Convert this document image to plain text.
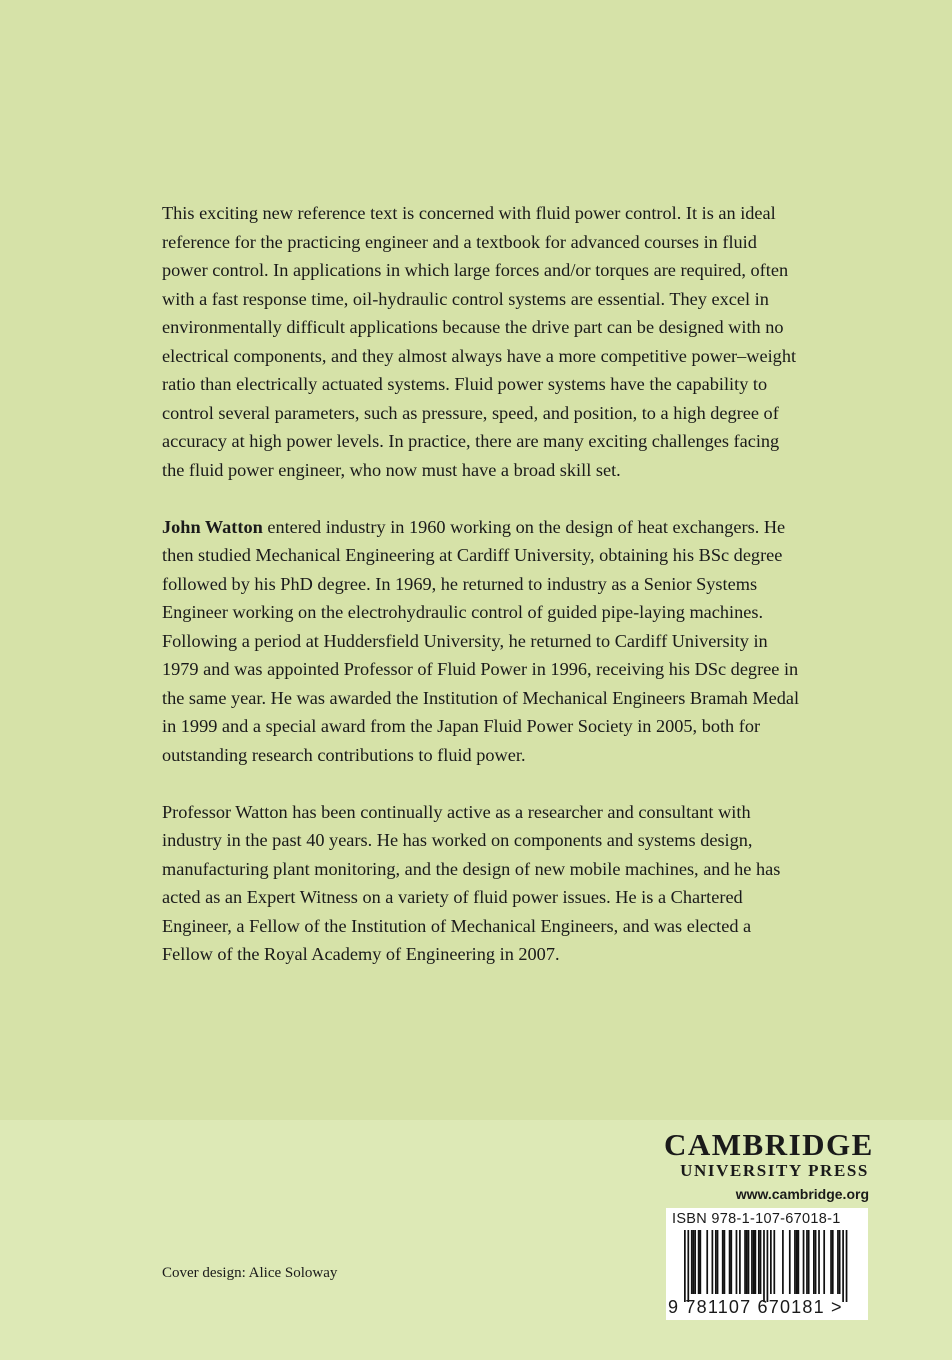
This exciting new reference text is concerned with fluid power control. It is an ideal reference for the practicing engineer and a textbook for advanced courses in fluid power control. In applications in which large forces and/or torques are required, often with a fast response time, oil-hydraulic control systems are essential. They excel in environmentally difficult applications because the drive part can be designed with no electrical components, and they almost always have a more competitive power–weight ratio than electrically actuated systems. Fluid power systems have the capability to control several parameters, such as pressure, speed, and position, to a high degree of accuracy at high power levels. In practice, there are many exciting challenges facing the fluid power engineer, who now must have a broad skill set.

John Watton entered industry in 1960 working on the design of heat exchangers. He then studied Mechanical Engineering at Cardiff University, obtaining his BSc degree followed by his PhD degree. In 1969, he returned to industry as a Senior Systems Engineer working on the electrohydraulic control of guided pipe-laying machines. Following a period at Huddersfield University, he returned to Cardiff University in 1979 and was appointed Professor of Fluid Power in 1996, receiving his DSc degree in the same year. He was awarded the Institution of Mechanical Engineers Bramah Medal in 1999 and a special award from the Japan Fluid Power Society in 2005, both for outstanding research contributions to fluid power.

Professor Watton has been continually active as a researcher and consultant with industry in the past 40 years. He has worked on components and systems design, manufacturing plant monitoring, and the design of new mobile machines, and he has acted as an Expert Witness on a variety of fluid power issues. He is a Chartered Engineer, a Fellow of the Institution of Mechanical Engineers, and was elected a Fellow of the Royal Academy of Engineering in 2007.

Cover design: Alice Soloway
CAMBRIDGE
UNIVERSITY PRESS
www.cambridge.org
ISBN 978-1-107-67018-1
9 781107 670181 >
